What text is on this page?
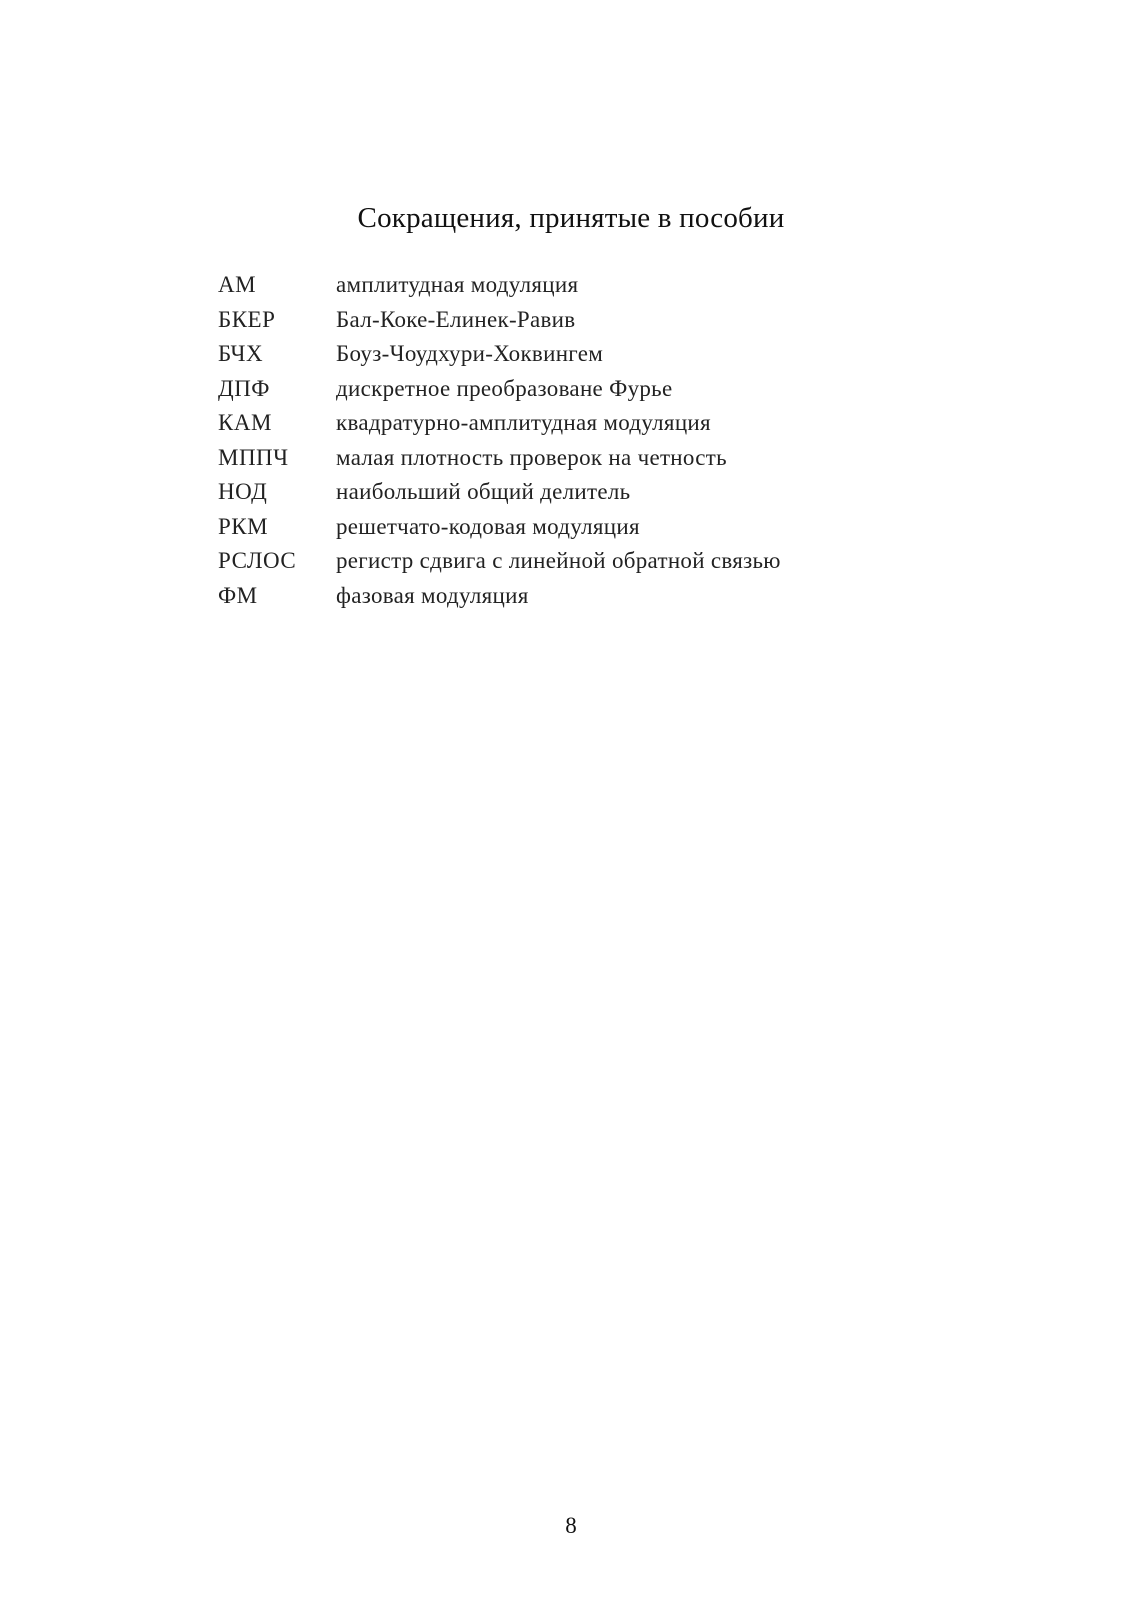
Сокращения, принятые в пособии
АМ	амплитудная модуляция
БКЕР	Бал-Коке-Елинек-Равив
БЧХ	Боуз-Чоудхури-Хоквингем
ДПФ	дискретное преобразоване Фурье
КАМ	квадратурно-амплитудная модуляция
МППЧ	малая плотность проверок на четность
НОД	наибольший общий делитель
РКМ	решетчато-кодовая модуляция
РСЛОС	регистр сдвига с линейной обратной связью
ФМ	фазовая модуляция
8
